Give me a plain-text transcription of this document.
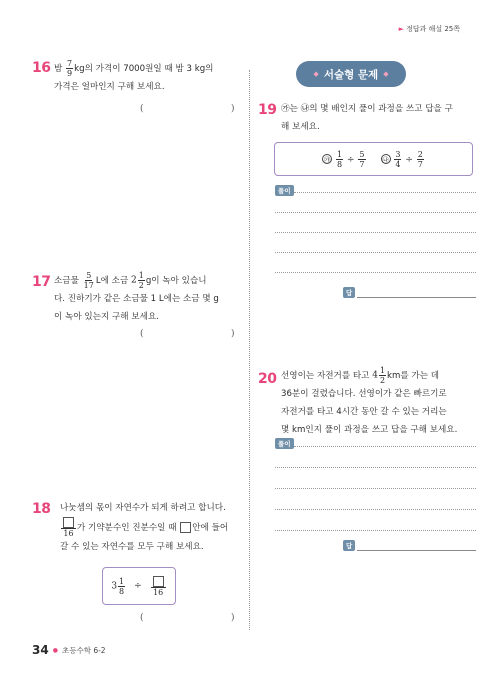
► 정답과 해설 25쪽
16 밤 $\frac{7}{9}$ kg의 가격이 7000원일 때 밤 3 kg의
가격은 얼마인지 구해 보세요.
(	)
17 소금물 $\frac{5}{17}$ L에 소금 $2 \frac{1}{2}$ g이 녹아 있습니
다. 진하기가 같은 소금물 1 L에는 소금 몇 g
이 녹아 있는지 구해 보세요.
(	)
18 나눗셈의 몫이 자연수가 되게 하려고 합니다.
16
가 기약분수인 진분수일 때 안에 들어
갈 수 있는 자연수를 모두 구해 보세요.
$3 \frac{1}{8}$ ÷
16
(	)
◆ 서술형 문제 ◆
19 ㉮는 ㉯의 몇 배인지 풀이 과정을 쓰고 답을 구
해 보세요.
㉮ $\frac{1}{8} \div \frac{5}{7}$	㉯ $\frac{3}{4} \div \frac{2}{7}$
풀이
답
20 선영이는 자전거를 타고 $4 \frac{1}{2}$ km를 가는 데
36분이 걸렸습니다. 선영이가 같은 빠르기로
자전거를 타고 4시간 동안 갈 수 있는 거리는
몇 km인지 풀이 과정을 쓰고 답을 구해 보세요.
풀이
답
34 ● 초등수학 6-2
